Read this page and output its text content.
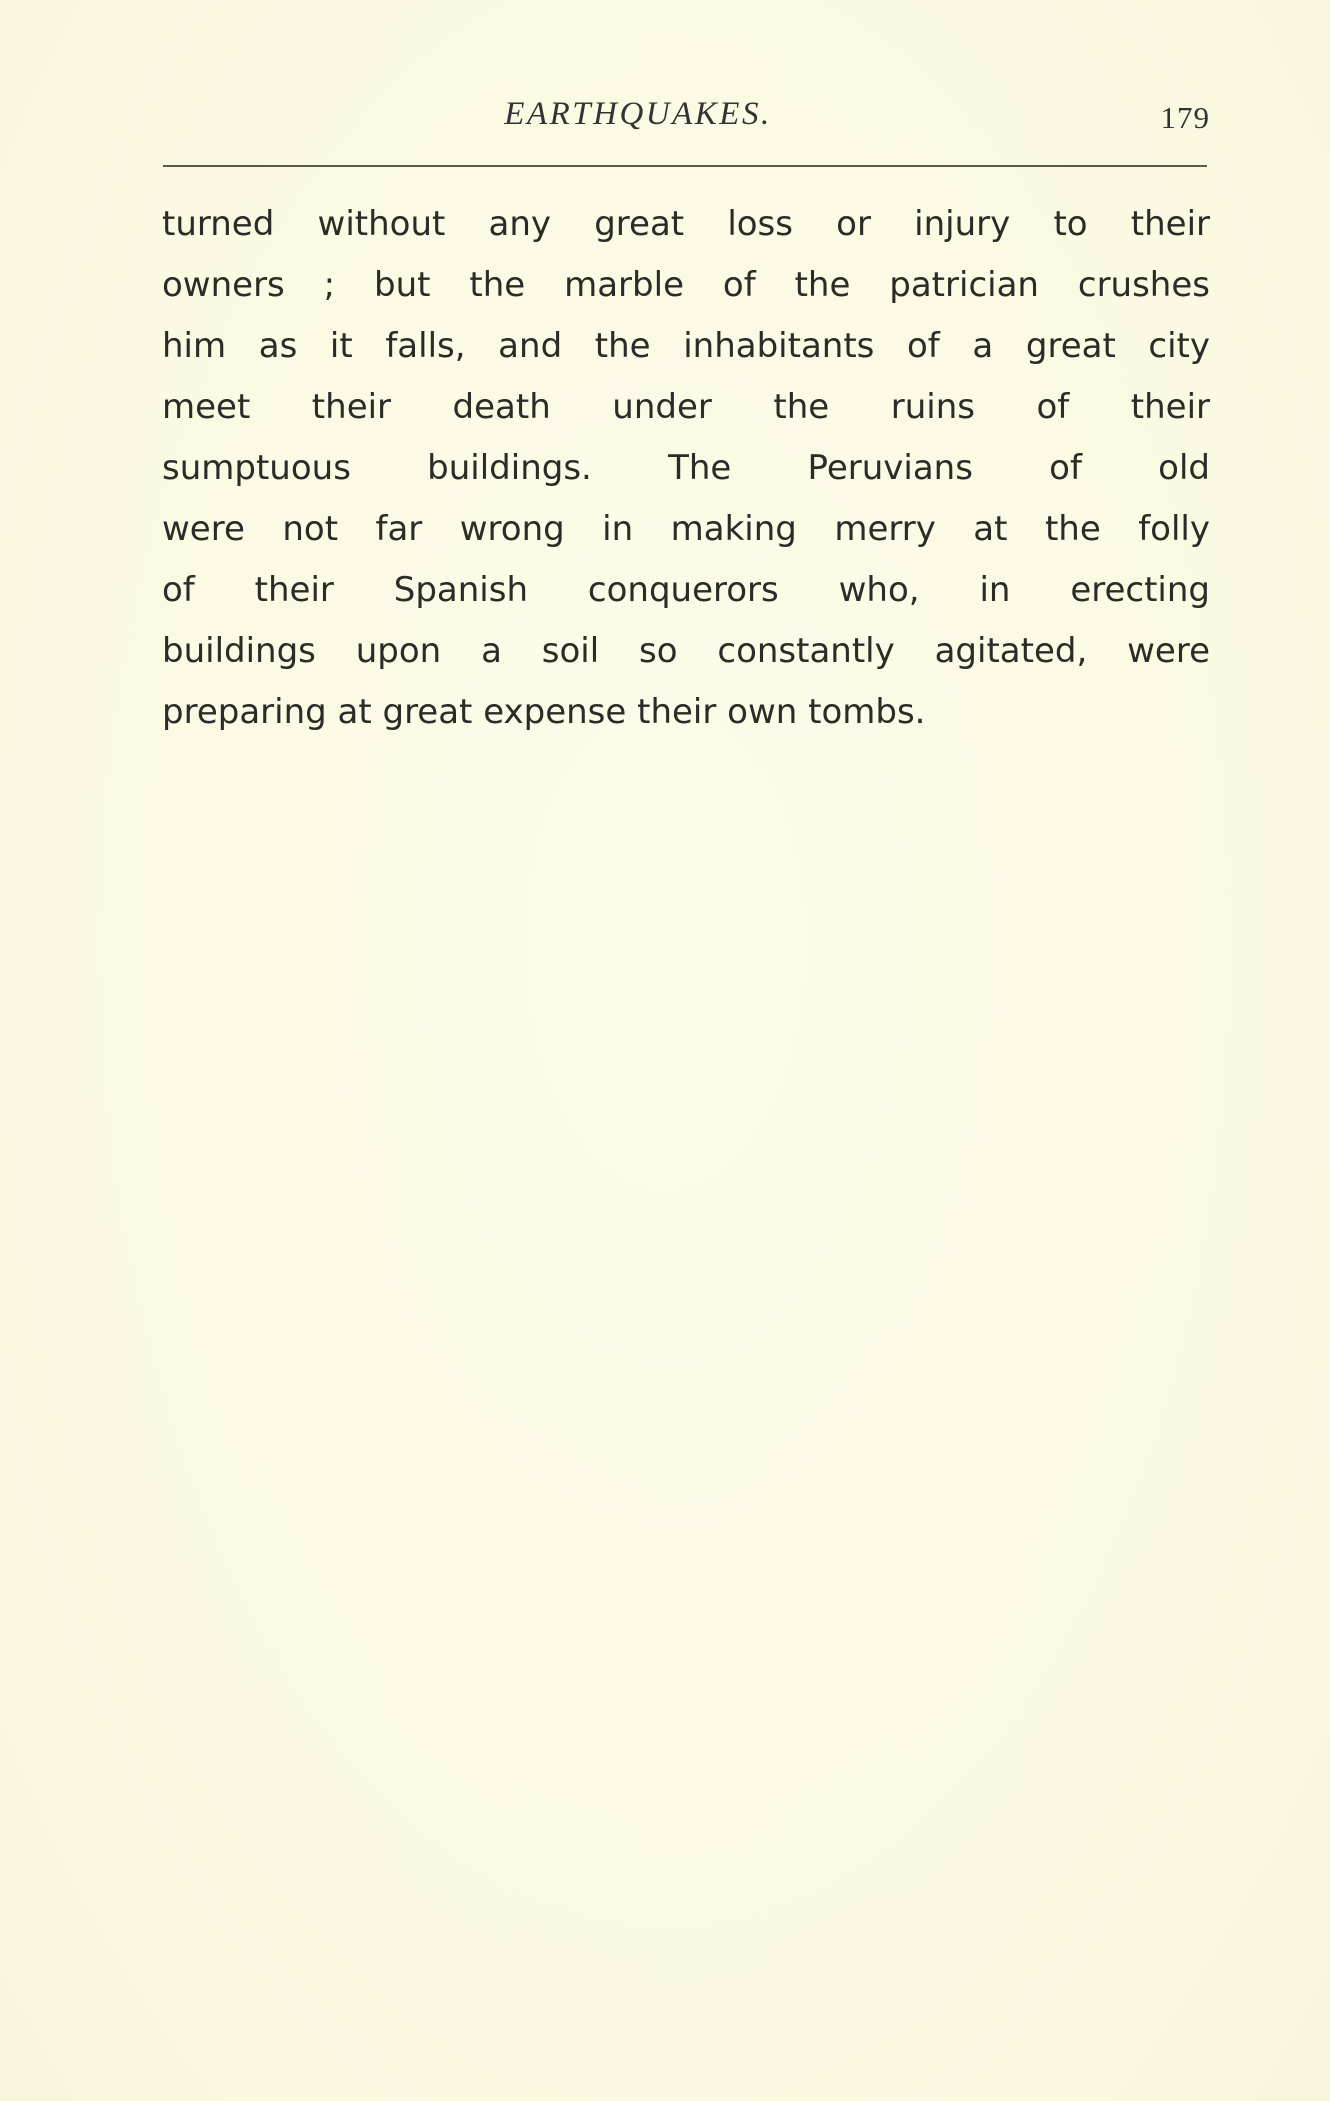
EARTHQUAKES.	179
turned without any great loss or injury to their
owners ; but the marble of the patrician crushes
him as it falls, and the inhabitants of a great city
meet their death under the ruins of their
sumptuous buildings. The Peruvians of old
were not far wrong in making merry at the folly
of their Spanish conquerors who, in erecting
buildings upon a soil so constantly agitated, were
preparing at great expense their own tombs.
